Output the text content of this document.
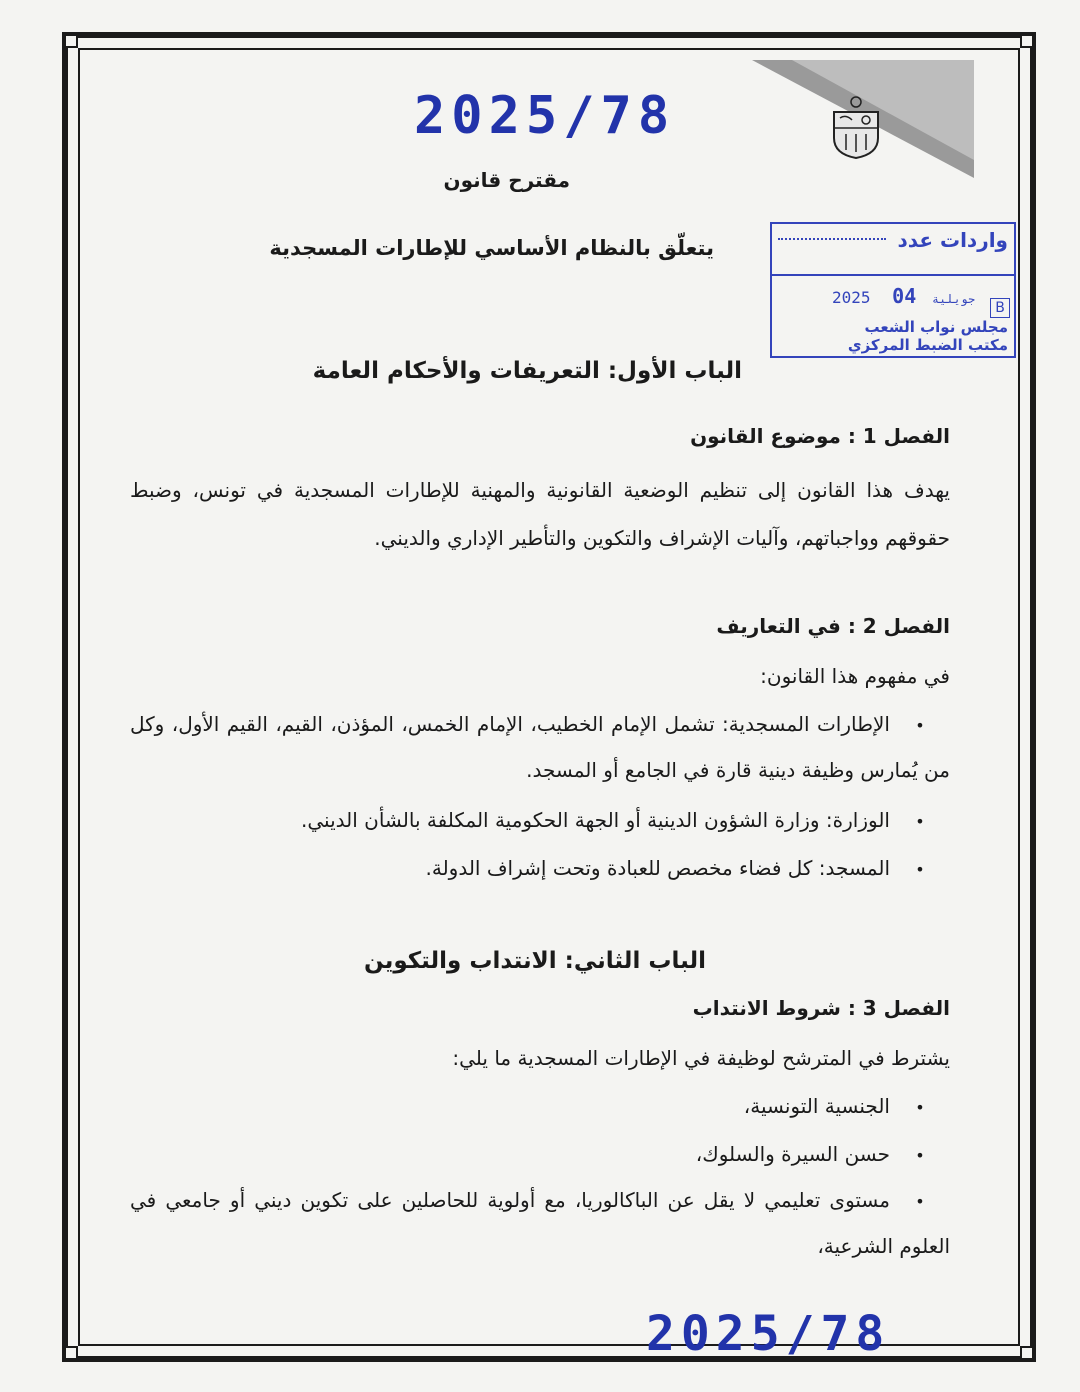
2025/78
مقترح قانون
يتعلّق بالنظام الأساسي للإطارات المسجدية	واردات عدد
2025	جويلية 04	B
مجلس نواب الشعب
مكتب الضبط المركزي
الباب الأول: التعريفات والأحكام العامة
الفصل 1 : موضوع القانون
يهدف هذا القانون إلى تنظيم الوضعية القانونية والمهنية للإطارات المسجدية في تونس، وضبط حقوقهم وواجباتهم، وآليات الإشراف والتكوين والتأطير الإداري والديني.
الفصل 2 : في التعاريف
في مفهوم هذا القانون:
•الإطارات المسجدية: تشمل الإمام الخطيب، الإمام الخمس، المؤذن، القيم، القيم الأول، وكل من يُمارس وظيفة دينية قارة في الجامع أو المسجد.
•الوزارة: وزارة الشؤون الدينية أو الجهة الحكومية المكلفة بالشأن الديني.
•المسجد: كل فضاء مخصص للعبادة وتحت إشراف الدولة.
الباب الثاني: الانتداب والتكوين
الفصل 3 : شروط الانتداب
يشترط في المترشح لوظيفة في الإطارات المسجدية ما يلي:
•الجنسية التونسية،
•حسن السيرة والسلوك،
•مستوى تعليمي لا يقل عن الباكالوريا، مع أولوية للحاصلين على تكوين ديني أو جامعي في العلوم الشرعية،
2025/78
